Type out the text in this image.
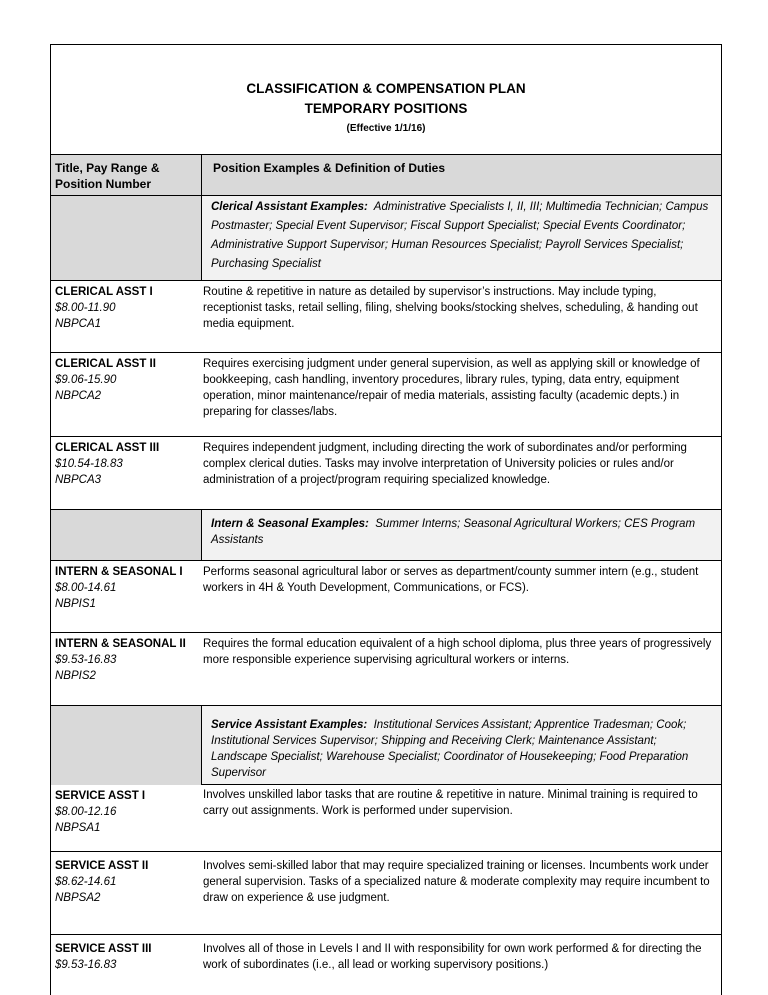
CLASSIFICATION & COMPENSATION PLAN
TEMPORARY POSITIONS
(Effective 1/1/16)
Title, Pay Range & Position Number
Position Examples & Definition of Duties
Clerical Assistant Examples: Administrative Specialists I, II, III; Multimedia Technician; Campus Postmaster; Special Event Supervisor; Fiscal Support Specialist; Special Events Coordinator; Administrative Support Supervisor; Human Resources Specialist; Payroll Services Specialist; Purchasing Specialist
CLERICAL ASST I
$8.00-11.90
NBPCA1
Routine & repetitive in nature as detailed by supervisor’s instructions. May include typing, receptionist tasks, retail selling, filing, shelving books/stocking shelves, scheduling, & handing out media equipment.
CLERICAL ASST II
$9.06-15.90
NBPCA2
Requires exercising judgment under general supervision, as well as applying skill or knowledge of bookkeeping, cash handling, inventory procedures, library rules, typing, data entry, equipment operation, minor maintenance/repair of media materials, assisting faculty (academic depts.) in preparing for classes/labs.
CLERICAL ASST III
$10.54-18.83
NBPCA3
Requires independent judgment, including directing the work of subordinates and/or performing complex clerical duties. Tasks may involve interpretation of University policies or rules and/or administration of a project/program requiring specialized knowledge.
Intern & Seasonal Examples: Summer Interns; Seasonal Agricultural Workers; CES Program Assistants
INTERN & SEASONAL I
$8.00-14.61
NBPIS1
Performs seasonal agricultural labor or serves as department/county summer intern (e.g., student workers in 4H & Youth Development, Communications, or FCS).
INTERN & SEASONAL II
$9.53-16.83
NBPIS2
Requires the formal education equivalent of a high school diploma, plus three years of progressively more responsible experience supervising agricultural workers or interns.
Service Assistant Examples: Institutional Services Assistant; Apprentice Tradesman; Cook; Institutional Services Supervisor; Shipping and Receiving Clerk; Maintenance Assistant; Landscape Specialist; Warehouse Specialist; Coordinator of Housekeeping; Food Preparation Supervisor
SERVICE ASST I
$8.00-12.16
NBPSA1
Involves unskilled labor tasks that are routine & repetitive in nature. Minimal training is required to carry out assignments. Work is performed under supervision.
SERVICE ASST II
$8.62-14.61
NBPSA2
Involves semi-skilled labor that may require specialized training or licenses. Incumbents work under general supervision. Tasks of a specialized nature & moderate complexity may require incumbent to draw on experience & use judgment.
SERVICE ASST III
$9.53-16.83
Involves all of those in Levels I and II with responsibility for own work performed & for directing the work of subordinates (i.e., all lead or working supervisory positions.)
